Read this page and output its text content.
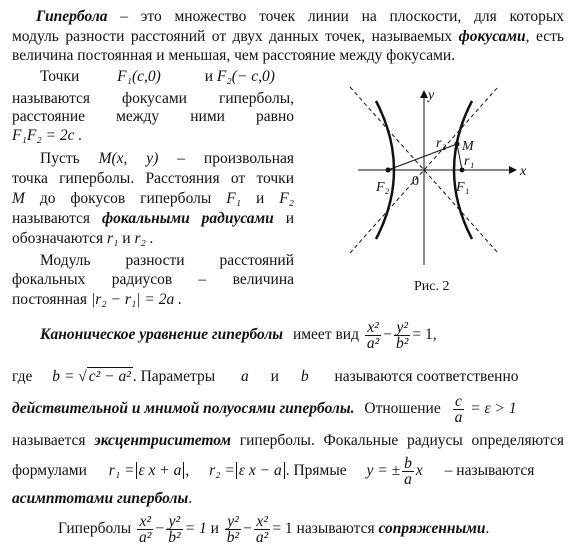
Гипербола – это множество точек линии на плоскости, для которых
модуль разности расстояний от двух данных точек, называемых фокусами, есть
величина постоянная и меньшая, чем расстояние между фокусами.
Точки F₁(c,0)	и F₂(− c,0)
называются фокусами гиперболы,
расстояние между ними равно
F₁F₂ = 2c .
Пусть M(x, y) – произвольная
точка гиперболы. Расстояния от точки
M до фокусов гиперболы F₁ и F₂
называются фокальными радиусами и
обозначаются r₁ и r₂ .
Модуль разности расстояний
фокальных радиусов – величина
постоянная |r₂ − r₁| = 2a .
y
x
0
M
r₁
r₂
F₂	F₁
Рис. 2
Каноническое уравнение гиперболы имеет вид $\frac{\text{x²}}{\text{a²}} - \frac{\text{y²}}{\text{b²}} = 1$,
где b = √ c² − a² . Параметры a и b называются соответственно
действительной и мнимой полуосями гиперболы. Отношение $\frac{c}{a} = \varepsilon > 1$
называется эксцентриситетом гиперболы. Фокальные радиусы определяются
формулами r₁ = ε x + a , r₂ = ε x − a . Прямые y = ± $\frac{b}{a}$ x – называются
асимптотами гиперболы.
Гиперболы $\frac{\text{x²}}{\text{a²}} - \frac{\text{y²}}{\text{b²}} = 1$ и $\frac{\text{y²}}{\text{b²}} - \frac{\text{x²}}{\text{a²}} = 1$ называются сопряженными.
